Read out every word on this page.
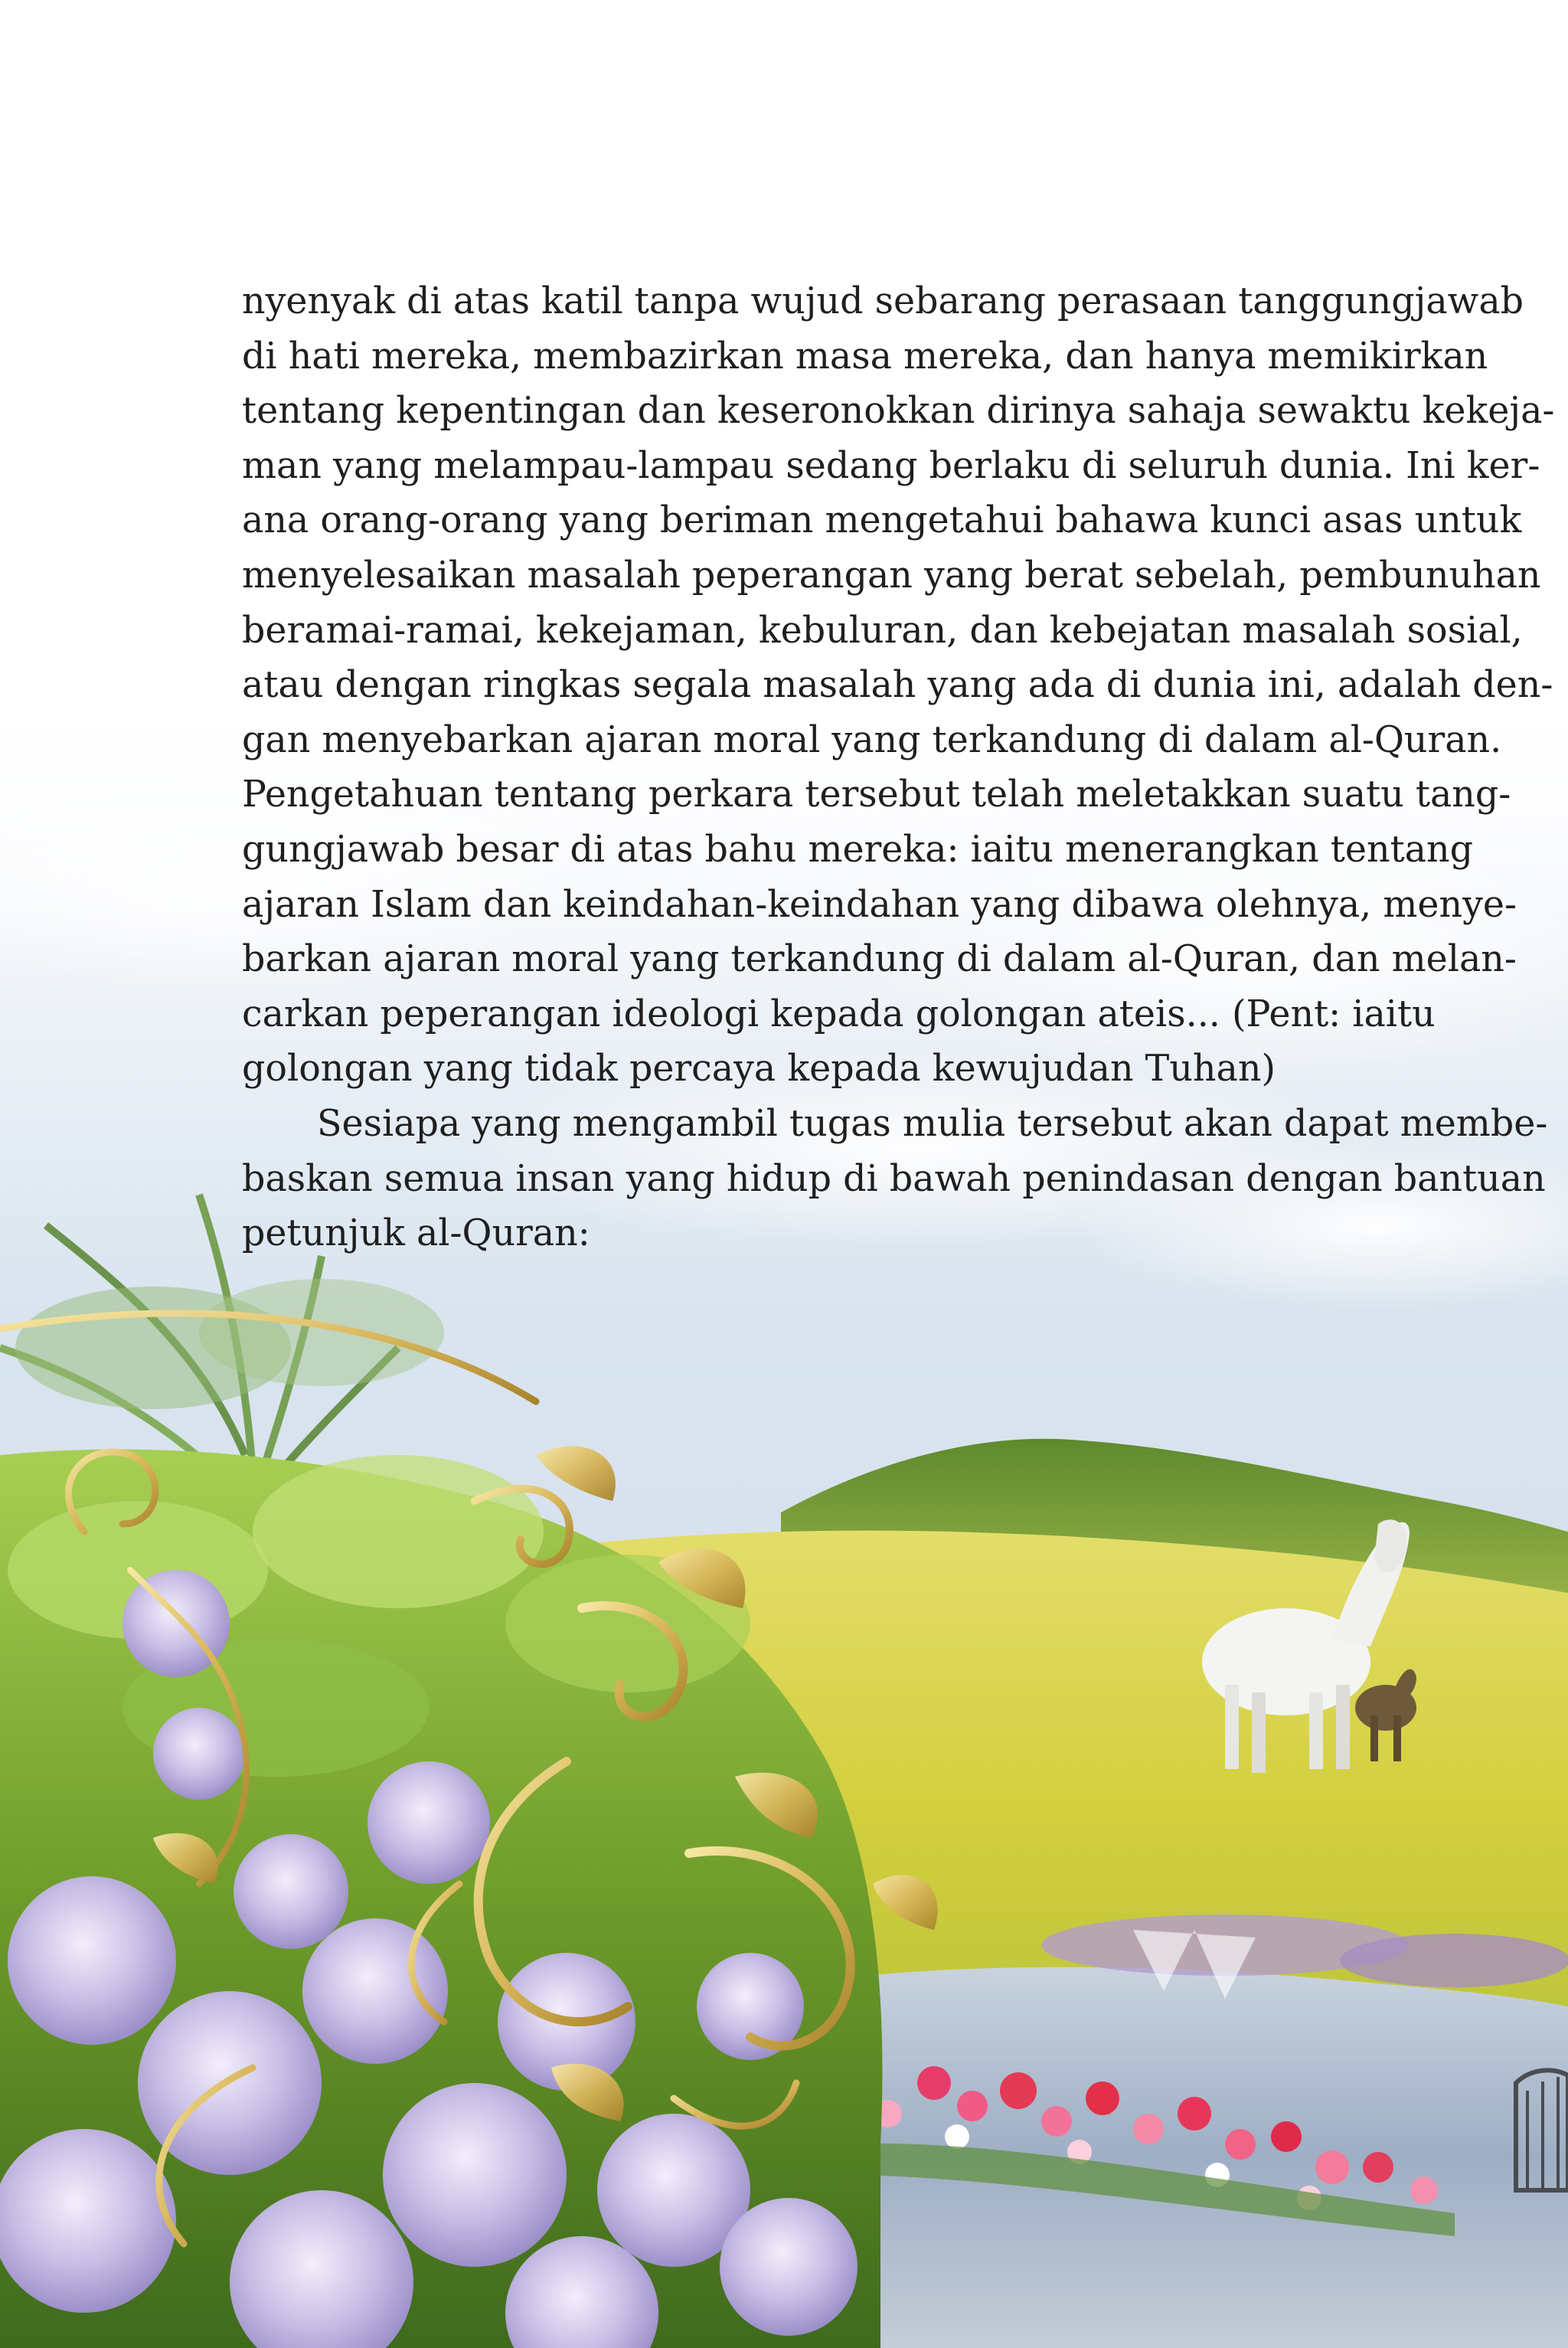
nyenyak di atas katil tanpa wujud sebarang perasaan tanggungjawab
di hati mereka, membazirkan masa mereka, dan hanya memikirkan
tentang kepentingan dan keseronokkan dirinya sahaja sewaktu kekeja-
man yang melampau-lampau sedang berlaku di seluruh dunia. Ini ker-
ana orang-orang yang beriman mengetahui bahawa kunci asas untuk
menyelesaikan masalah peperangan yang berat sebelah, pembunuhan
beramai-ramai, kekejaman, kebuluran, dan kebejatan masalah sosial,
atau dengan ringkas segala masalah yang ada di dunia ini, adalah den-
gan menyebarkan ajaran moral yang terkandung di dalam al-Quran.
Pengetahuan tentang perkara tersebut telah meletakkan suatu tang-
gungjawab besar di atas bahu mereka: iaitu menerangkan tentang
ajaran Islam dan keindahan-keindahan yang dibawa olehnya, menye-
barkan ajaran moral yang terkandung di dalam al-Quran, dan melan-
carkan peperangan ideologi kepada golongan ateis... (Pent: iaitu
golongan yang tidak percaya kepada kewujudan Tuhan)

Sesiapa yang mengambil tugas mulia tersebut akan dapat membe-
baskan semua insan yang hidup di bawah penindasan dengan bantuan
petunjuk al-Quran:
